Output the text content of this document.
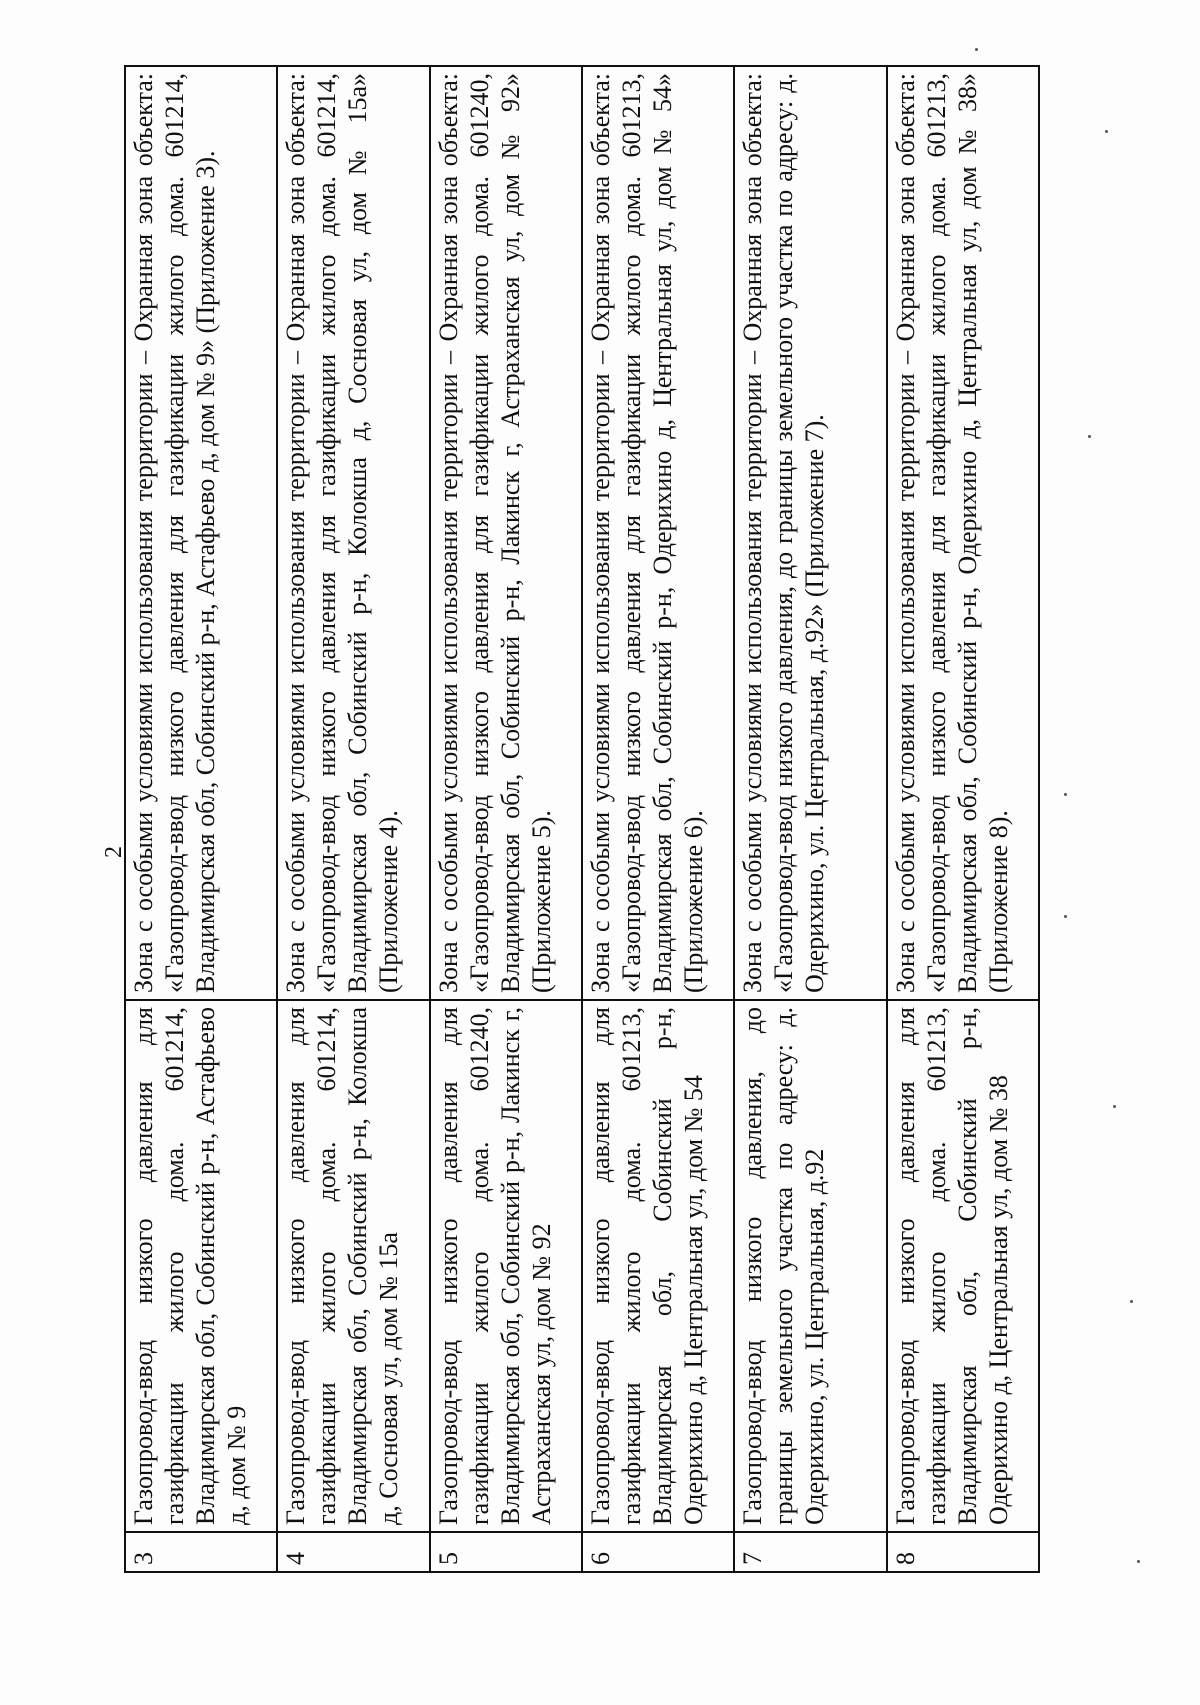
2
3	Газопровод-ввод низкого давления для газификации жилого дома. 601214, Владимирская обл, Собинский р-н, Астафьево д, дом № 9	Зона с особыми условиями использования территории – Охранная зона объекта: «Газопровод-ввод низкого давления для газификации жилого дома. 601214, Владимирская обл, Собинский р-н, Астафьево д, дом № 9» (Приложение 3).
4	Газопровод-ввод низкого давления для газификации жилого дома. 601214, Владимирская обл, Собинский р-н, Колокша д, Сосновая ул, дом № 15а	Зона с особыми условиями использования территории – Охранная зона объекта: «Газопровод-ввод низкого давления для газификации жилого дома. 601214, Владимирская обл, Собинский р-н, Колокша д, Сосновая ул, дом № 15а» (Приложение 4).
5	Газопровод-ввод низкого давления для газификации жилого дома. 601240, Владимирская обл, Собинский р-н, Лакинск г, Астраханская ул, дом № 92	Зона с особыми условиями использования территории – Охранная зона объекта: «Газопровод-ввод низкого давления для газификации жилого дома. 601240, Владимирская обл, Собинский р-н, Лакинск г, Астраханская ул, дом № 92» (Приложение 5).
6	Газопровод-ввод низкого давления для газификации жилого дома. 601213, Владимирская обл, Собинский р-н, Одерихино д, Центральная ул, дом № 54	Зона с особыми условиями использования территории – Охранная зона объекта: «Газопровод-ввод низкого давления для газификации жилого дома. 601213, Владимирская обл, Собинский р-н, Одерихино д, Центральная ул, дом № 54» (Приложение 6).
7	Газопровод-ввод низкого давления, до границы земельного участка по адресу: д. Одерихино, ул. Центральная, д.92	Зона с особыми условиями использования территории – Охранная зона объекта: «Газопровод-ввод низкого давления, до границы земельного участка по адресу: д. Одерихино, ул. Центральная, д.92» (Приложение 7).
8	Газопровод-ввод низкого давления для газификации жилого дома. 601213, Владимирская обл, Собинский р-н, Одерихино д, Центральная ул, дом № 38	Зона с особыми условиями использования территории – Охранная зона объекта: «Газопровод-ввод низкого давления для газификации жилого дома. 601213, Владимирская обл, Собинский р-н, Одерихино д, Центральная ул, дом № 38» (Приложение 8).
